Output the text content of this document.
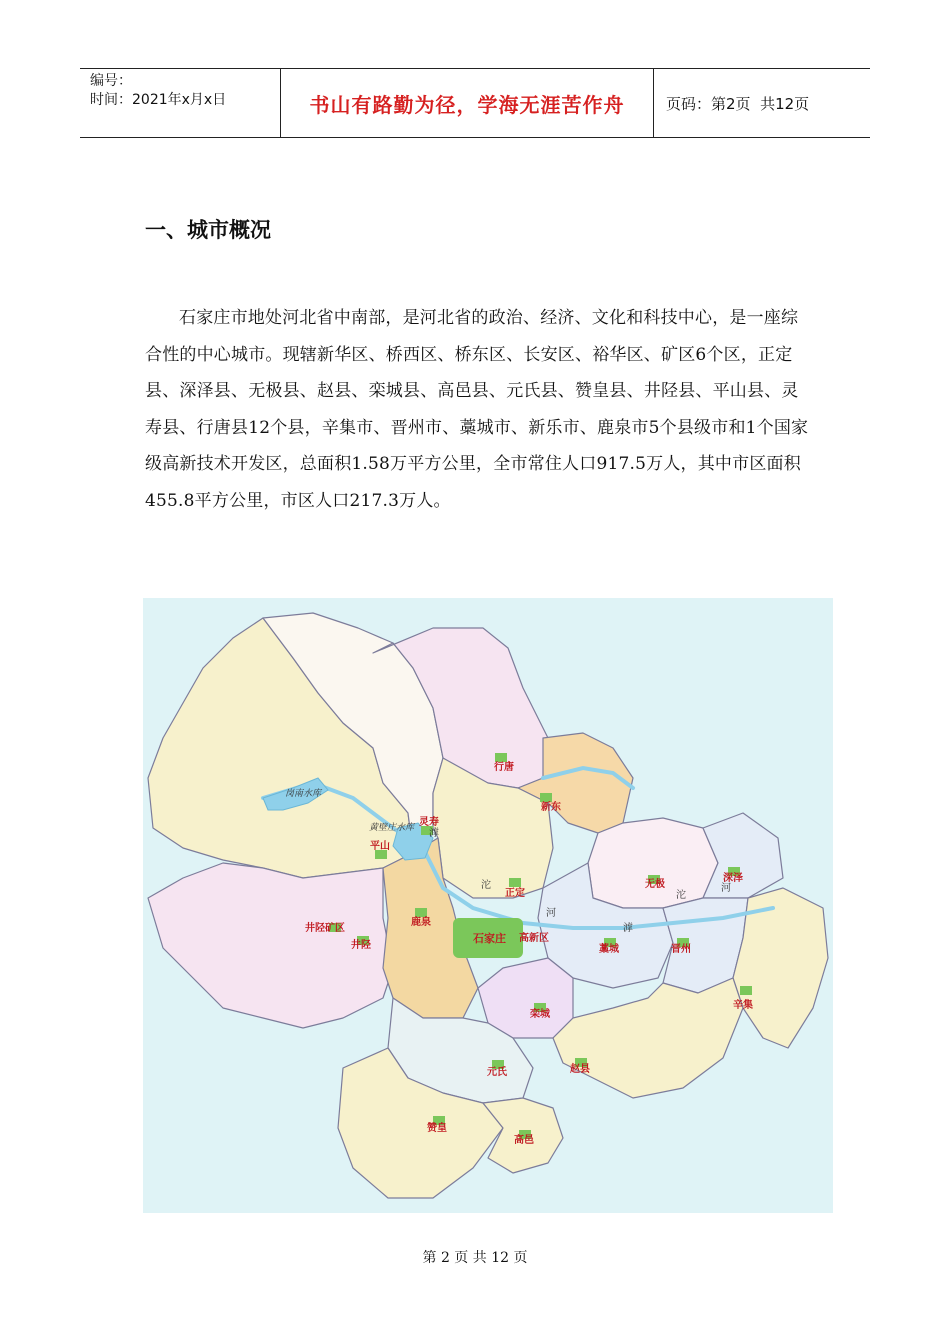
编号：
时间：2021年x月x日	书山有路勤为径，学海无涯苦作舟	页码：第2页  共12页
一、城市概况

石家庄市地处河北省中南部，是河北省的政治、经济、文化和科技中心，是一座综合性的中心城市。现辖新华区、桥西区、桥东区、长安区、裕华区、矿区6个区，正定县、深泽县、无极县、赵县、栾城县、高邑县、元氏县、赞皇县、井陉县、平山县、灵寿县、行唐县12个县，辛集市、晋州市、藁城市、新乐市、鹿泉市5个县级市和1个国家级高新技术开发区，总面积1.58万平方公里，全市常住人口917.5万人，其中市区面积455.8平方公里，市区人口217.3万人。

行唐
新东
灵寿
平山
正定
无极
深泽
井陉矿区
井陉
鹿泉
高新区
藁城	晋州
辛集
栾城
元氏	赵县
赞皇
高邑
石家庄
岗南水库
黄壁庄水库
沱
河
滹
沱
河
滹
第 2 页 共 12 页
